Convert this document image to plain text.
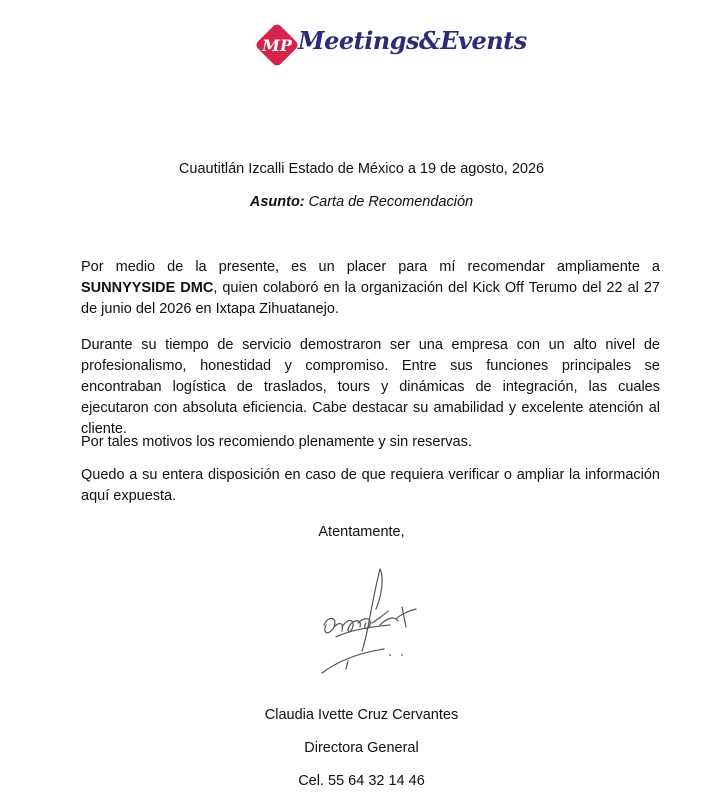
MP Meetings&Events
Cuautitlán Izcalli Estado de México a 19 de agosto, 2026
Asunto: Carta de Recomendación

Por medio de la presente, es un placer para mí recomendar ampliamente a SUNNYYSIDE DMC, quien colaboró en la organización del Kick Off Terumo del 22 al 27 de junio del 2026 en Ixtapa Zihuatanejo.

Durante su tiempo de servicio demostraron ser una empresa con un alto nivel de profesionalismo, honestidad y compromiso. Entre sus funciones principales se encontraban logística de traslados, tours y dinámicas de integración, las cuales ejecutaron con absoluta eficiencia. Cabe destacar su amabilidad y excelente atención al cliente.

Por tales motivos los recomiendo plenamente y sin reservas.

Quedo a su entera disposición en caso de que requiera verificar o ampliar la información aquí expuesta.

Atentamente,
Claudia Ivette Cruz Cervantes
Directora General
Cel. 55 64 32 14 46
